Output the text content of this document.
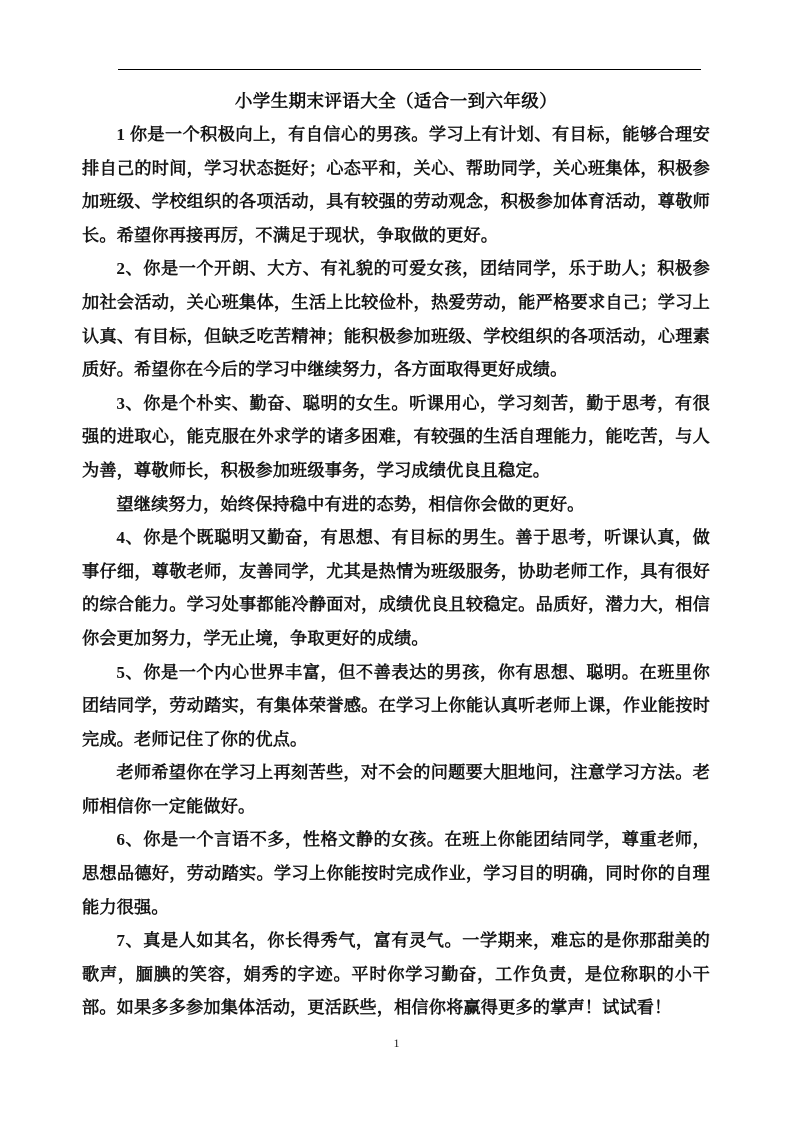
小学生期末评语大全（适合一到六年级）

1 你是一个积极向上，有自信心的男孩。学习上有计划、有目标，能够合理安排自己的时间，学习状态挺好；心态平和，关心、帮助同学，关心班集体，积极参加班级、学校组织的各项活动，具有较强的劳动观念，积极参加体育活动，尊敬师长。希望你再接再厉，不满足于现状，争取做的更好。

2、你是一个开朗、大方、有礼貌的可爱女孩，团结同学，乐于助人；积极参加社会活动，关心班集体，生活上比较俭朴，热爱劳动，能严格要求自己；学习上认真、有目标，但缺乏吃苦精神；能积极参加班级、学校组织的各项活动，心理素质好。希望你在今后的学习中继续努力，各方面取得更好成绩。

3、你是个朴实、勤奋、聪明的女生。听课用心，学习刻苦，勤于思考，有很强的进取心，能克服在外求学的诸多困难，有较强的生活自理能力，能吃苦，与人为善，尊敬师长，积极参加班级事务，学习成绩优良且稳定。

望继续努力，始终保持稳中有进的态势，相信你会做的更好。

4、你是个既聪明又勤奋，有思想、有目标的男生。善于思考，听课认真，做事仔细，尊敬老师，友善同学，尤其是热情为班级服务，协助老师工作，具有很好的综合能力。学习处事都能冷静面对，成绩优良且较稳定。品质好，潜力大，相信你会更加努力，学无止境，争取更好的成绩。

5、你是一个内心世界丰富，但不善表达的男孩，你有思想、聪明。在班里你团结同学，劳动踏实，有集体荣誉感。在学习上你能认真听老师上课，作业能按时完成。老师记住了你的优点。

老师希望你在学习上再刻苦些，对不会的问题要大胆地问，注意学习方法。老师相信你一定能做好。

6、你是一个言语不多，性格文静的女孩。在班上你能团结同学，尊重老师，思想品德好，劳动踏实。学习上你能按时完成作业，学习目的明确，同时你的自理能力很强。

7、真是人如其名，你长得秀气，富有灵气。一学期来，难忘的是你那甜美的歌声，腼腆的笑容，娟秀的字迹。平时你学习勤奋，工作负责，是位称职的小干部。如果多多参加集体活动，更活跃些，相信你将赢得更多的掌声！试试看！

1
